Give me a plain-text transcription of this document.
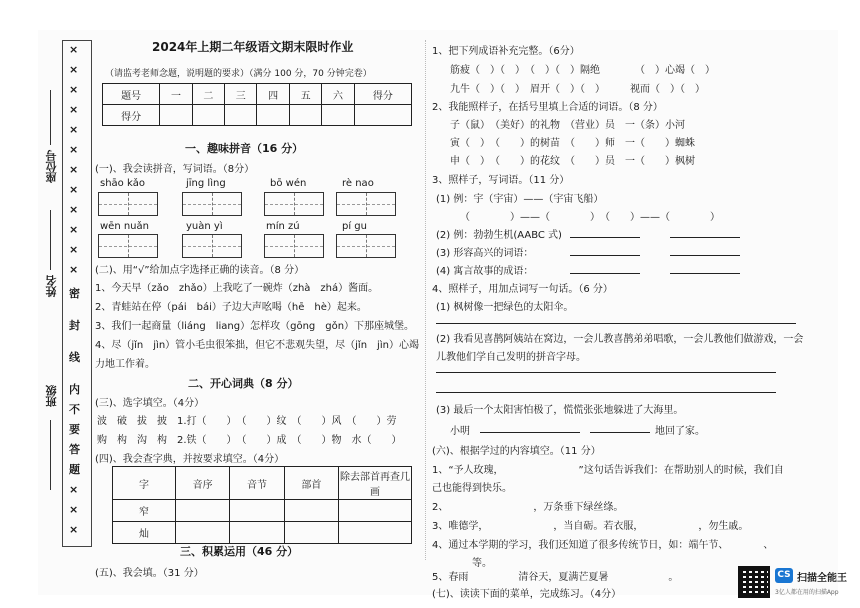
×
×
×
×
×
×
×
×
×
×
×
×
密
封
线
内
不
要
答
题
×
×
×
座位号
姓名
班级
2024年上期二年级语文期末限时作业
（请监考老师念题，说明题的要求）（满分 100 分，70 分钟完卷）
题号	一	二	三	四	五	六	得分
得分							
一、趣味拼音（16 分）
(一)、我会读拼音，写词语。（8分）
shāo kǎo	jīng lìng	bō wén	rè nao
wēn nuǎn	yuàn yì	mín zú	pí gu
(二)、用“√”给加点字选择正确的读音。（8 分）
1、今天早（zǎo　zhǎo）上我吃了一碗炸（zhà　zhá）酱面。
2、青蛙站在停（pái　bái）子边大声吆喝（hē　hè）起来。
3、我们一起商量（liáng　liang）怎样攻（gōng　gǒn）下那座城堡。
4、尽（jǐn　jìn）管小毛虫很笨拙，但它不悲观失望，尽（jǐn　jìn）心竭
力地工作着。
二、开心词典（8 分）
(三)、选字填空。（4分）
波　破　拔　披　1.打（　　）　（　　）纹　（　　）风　（　　）劳
购　构　沟　构　2.铁（　　）　（　　）成　（　　）物　水（　　）
(四)、我会查字典，并按要求填空。（4分）
字	音序	音节	部首	除去部首再查几画
窄				
灿				
三、积累运用（46 分）
(五)、我会填。（31 分）
1、把下列成语补充完整。（6分）
筋疲（　）（　）　（　）（　）隔绝　　　　（　）心竭（　）
九牛（　）（　）　眉开（　）（　）　　　视而（　）（　）
2、我能照样子，在括号里填上合适的词语。（8 分）
子（鼠）　（美好）的礼物　（营业）员　一（条）小河
寅（　）　（　　）的树苗　（　　）师　一（　　）蜘蛛
申（　）　（　　）的花纹　（　　）员　一（　　）枫树
3、照样子，写词语。（11 分）
(1) 例：宇（宇宙）——（宇宙飞船）
（　　　　）——（　　　　）　（　　）——（　　　　）
(2) 例：勃勃生机(AABC 式)
(3) 形容高兴的词语：
(4) 寓言故事的成语：
4、照样子，用加点词写一句话。（6 分）
(1) 枫树像一把绿色的太阳伞。
(2) 我看见喜鹊阿姨站在窝边，一会儿教喜鹊弟弟唱歌，一会儿教他们做游戏，一会
儿教他们学自己发明的拼音字母。
(3) 最后一个太阳害怕极了，慌慌张张地躲进了大海里。
小明	地回了家。
(六)、根据学过的内容填空。（11 分）
1、“予人玫瑰，　　　　　　　　”这句话告诉我们：在帮助别人的时候，我们自
己也能得到快乐。
2、　　　　　　　　　，万条垂下绿丝绦。
3、唯德学，　　　　　　　，当自砺。若衣服，　　　　　　，勿生戚。
4、通过本学期的学习，我们还知道了很多传统节日，如：端午节、　　　　、
　　　　等。
5、春雨　　　　　清谷天，夏满芒夏暑　　　　　　。
(七)、读读下面的菜单，完成练习。（4分）
CS 扫描全能王
3亿人都在用的扫描App
